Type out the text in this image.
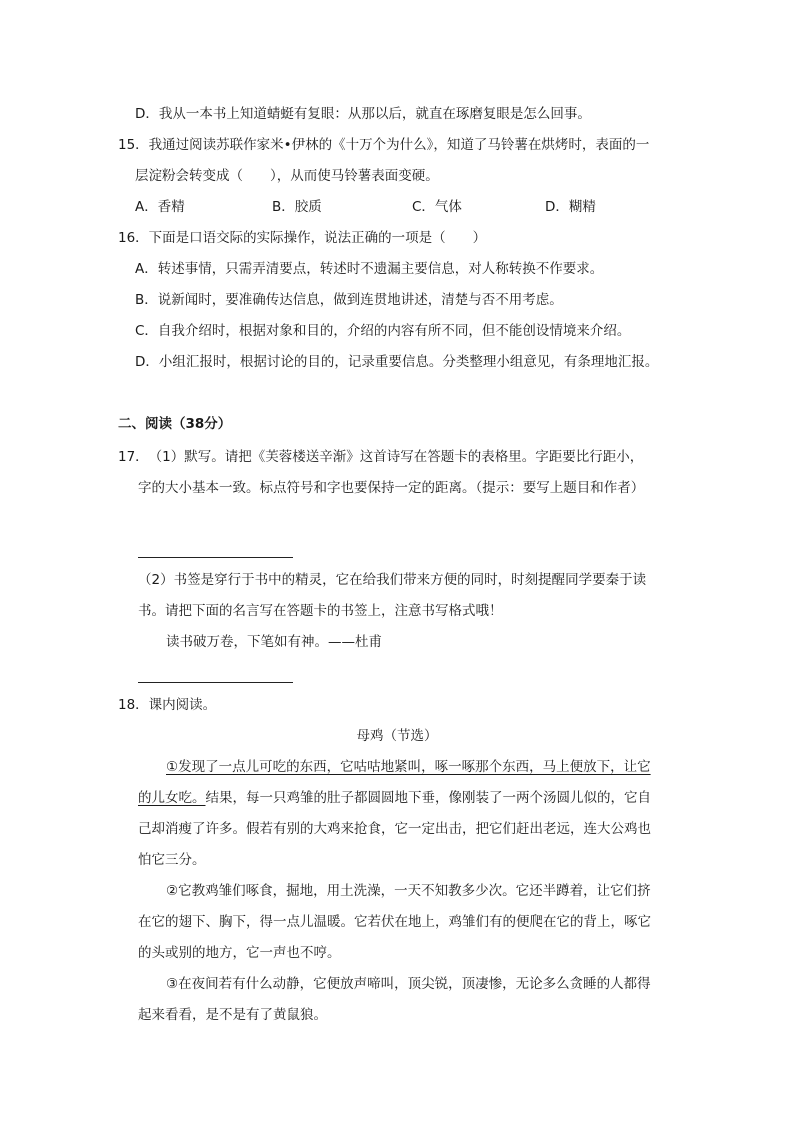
D．我从一本书上知道蜻蜓有复眼：从那以后，就直在琢磨复眼是怎么回事。
15．我通过阅读苏联作家米•伊林的《十万个为什么》，知道了马铃薯在烘烤时，表面的一
层淀粉会转变成（　　），从而使马铃薯表面变硬。
A．香精	B．胶质	C．气体	D．糊精
16．下面是口语交际的实际操作，说法正确的一项是（　　）
A．转述事情，只需弄清要点，转述时不遗漏主要信息，对人称转换不作要求。
B．说新闻时，要准确传达信息，做到连贯地讲述，清楚与否不用考虑。
C．自我介绍时，根据对象和目的，介绍的内容有所不同，但不能创设情境来介绍。
D．小组汇报时，根据讨论的目的，记录重要信息。分类整理小组意见，有条理地汇报。
二、阅读（38分）
17．　（1）默写。请把《芙蓉楼送辛渐》这首诗写在答题卡的表格里。字距要比行距小，
字的大小基本一致。标点符号和字也要保持一定的距离。（提示：要写上题目和作者）
（2）书签是穿行于书中的精灵，它在给我们带来方便的同时，时刻提醒同学要秦于读
书。请把下面的名言写在答题卡的书签上，注意书写格式哦！
读书破万卷，下笔如有神。——杜甫
18．课内阅读。
母鸡（节选）
①发现了一点儿可吃的东西，它咕咕地紧叫，啄一啄那个东西，马上便放下，让它
的儿女吃。结果，每一只鸡雏的肚子都圆圆地下垂，像刚装了一两个汤圆儿似的，它自
己却消瘦了许多。假若有别的大鸡来抢食，它一定出击，把它们赶出老远，连大公鸡也
怕它三分。
②它教鸡雏们啄食，掘地，用土洗澡，一天不知教多少次。它还半蹲着，让它们挤
在它的翅下、胸下，得一点儿温暖。它若伏在地上，鸡雏们有的便爬在它的背上，啄它
的头或别的地方，它一声也不哼。
③在夜间若有什么动静，它便放声啼叫，顶尖锐，顶凄惨，无论多么贪睡的人都得
起来看看，是不是有了黄鼠狼。
